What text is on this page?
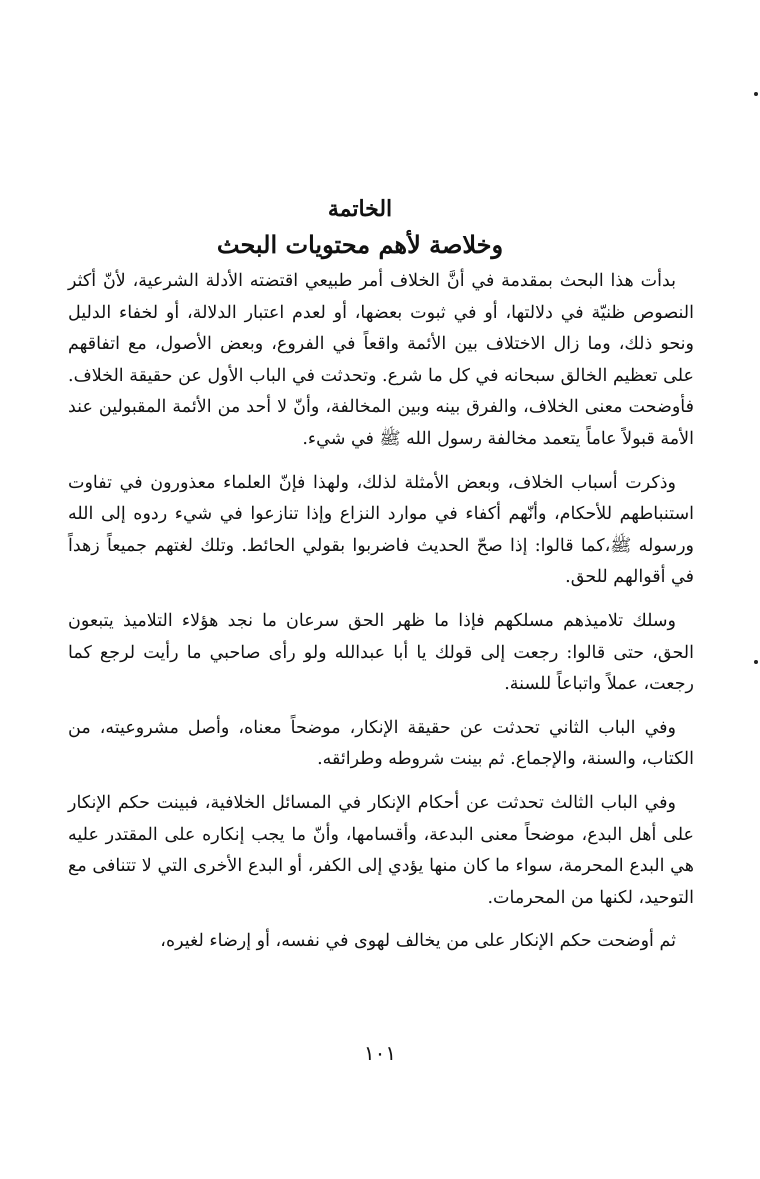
الخاتمة
وخلاصة لأهم محتويات البحث

بدأت هذا البحث بمقدمة في أنَّ الخلاف أمر طبيعي اقتضته الأدلة الشرعية، لأنّ أكثر النصوص ظنيّة في دلالتها، أو في ثبوت بعضها، أو لعدم اعتبار الدلالة، أو لخفاء الدليل ونحو ذلك، وما زال الاختلاف بين الأئمة واقعاً في الفروع، وبعض الأصول، مع اتفاقهم على تعظيم الخالق سبحانه في كل ما شرع. وتحدثت في الباب الأول عن حقيقة الخلاف. فأوضحت معنى الخلاف، والفرق بينه وبين المخالفة، وأنّ لا أحد من الأئمة المقبولين عند الأمة قبولاً عاماً يتعمد مخالفة رسول الله ﷺ في شيء.

وذكرت أسباب الخلاف، وبعض الأمثلة لذلك، ولهذا فإنّ العلماء معذورون في تفاوت استنباطهم للأحكام، وأنّهم أكفاء في موارد النزاع وإذا تنازعوا في شيء ردوه إلى الله ورسوله ﷺ،كما قالوا: إذا صحّ الحديث فاضربوا بقولي الحائط. وتلك لغتهم جميعاً زهداً في أقوالهم للحق.

وسلك تلاميذهم مسلكهم فإذا ما ظهر الحق سرعان ما نجد هؤلاء التلاميذ يتبعون الحق، حتى قالوا: رجعت إلى قولك يا أبا عبدالله ولو رأى صاحبي ما رأيت لرجع كما رجعت، عملاً واتباعاً للسنة.

وفي الباب الثاني تحدثت عن حقيقة الإنكار، موضحاً معناه، وأصل مشروعيته، من الكتاب، والسنة، والإجماع. ثم بينت شروطه وطرائقه.

وفي الباب الثالث تحدثت عن أحكام الإنكار في المسائل الخلافية، فبينت حكم الإنكار على أهل البدع، موضحاً معنى البدعة، وأقسامها، وأنّ ما يجب إنكاره على المقتدر عليه هي البدع المحرمة، سواء ما كان منها يؤدي إلى الكفر، أو البدع الأخرى التي لا تتنافى مع التوحيد، لكنها من المحرمات.

ثم أوضحت حكم الإنكار على من يخالف لهوى في نفسه، أو إرضاء لغيره،

١٠١
